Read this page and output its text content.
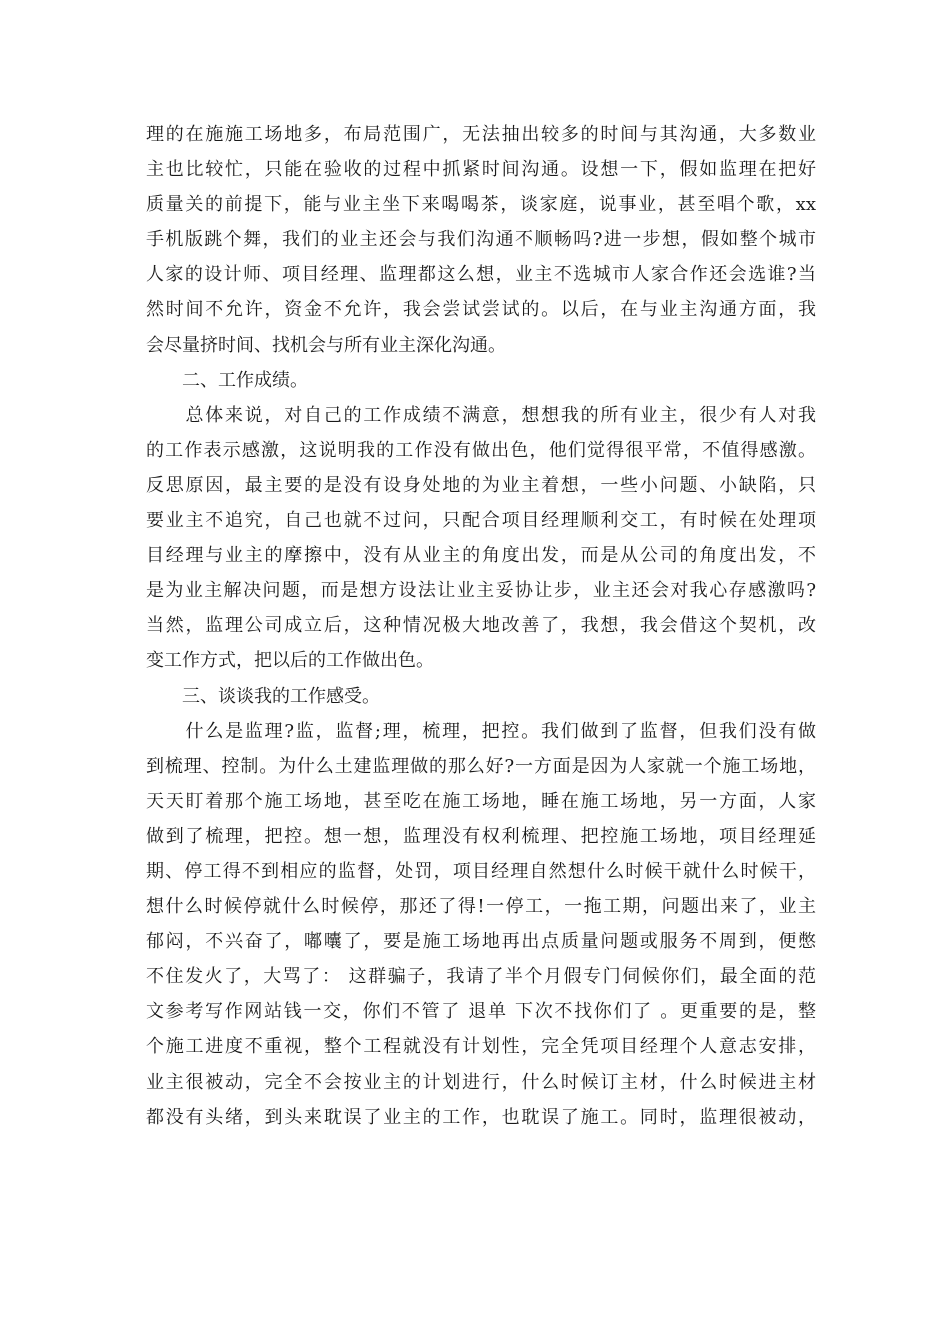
理的在施施工场地多，布局范围广，无法抽出较多的时间与其沟通，大多数业
主也比较忙，只能在验收的过程中抓紧时间沟通。设想一下，假如监理在把好
质量关的前提下，能与业主坐下来喝喝茶，谈家庭，说事业，甚至唱个歌，xx
手机版跳个舞，我们的业主还会与我们沟通不顺畅吗?进一步想，假如整个城市
人家的设计师、项目经理、监理都这么想，业主不选城市人家合作还会选谁?当
然时间不允许，资金不允许，我会尝试尝试的。以后，在与业主沟通方面，我
会尽量挤时间、找机会与所有业主深化沟通。
　　二、工作成绩。
　　总体来说，对自己的工作成绩不满意，想想我的所有业主，很少有人对我
的工作表示感激，这说明我的工作没有做出色，他们觉得很平常，不值得感激。
反思原因，最主要的是没有设身处地的为业主着想，一些小问题、小缺陷，只
要业主不追究，自己也就不过问，只配合项目经理顺利交工，有时候在处理项
目经理与业主的摩擦中，没有从业主的角度出发，而是从公司的角度出发，不
是为业主解决问题，而是想方设法让业主妥协让步，业主还会对我心存感激吗?
当然，监理公司成立后，这种情况极大地改善了，我想，我会借这个契机，改
变工作方式，把以后的工作做出色。
　　三、谈谈我的工作感受。
　　什么是监理?监，监督;理，梳理，把控。我们做到了监督，但我们没有做
到梳理、控制。为什么土建监理做的那么好?一方面是因为人家就一个施工场地，
天天盯着那个施工场地，甚至吃在施工场地，睡在施工场地，另一方面，人家
做到了梳理，把控。想一想，监理没有权利梳理、把控施工场地，项目经理延
期、停工得不到相应的监督，处罚，项目经理自然想什么时候干就什么时候干，
想什么时候停就什么时候停，那还了得!一停工，一拖工期，问题出来了，业主
郁闷，不兴奋了，嘟囔了，要是施工场地再出点质量问题或服务不周到，便憋
不住发火了，大骂了： 这群骗子，我请了半个月假专门伺候你们，最全面的范
文参考写作网站钱一交，你们不管了 退单 下次不找你们了 。更重要的是，整
个施工进度不重视，整个工程就没有计划性，完全凭项目经理个人意志安排，
业主很被动，完全不会按业主的计划进行，什么时候订主材，什么时候进主材
都没有头绪，到头来耽误了业主的工作，也耽误了施工。同时，监理很被动，
